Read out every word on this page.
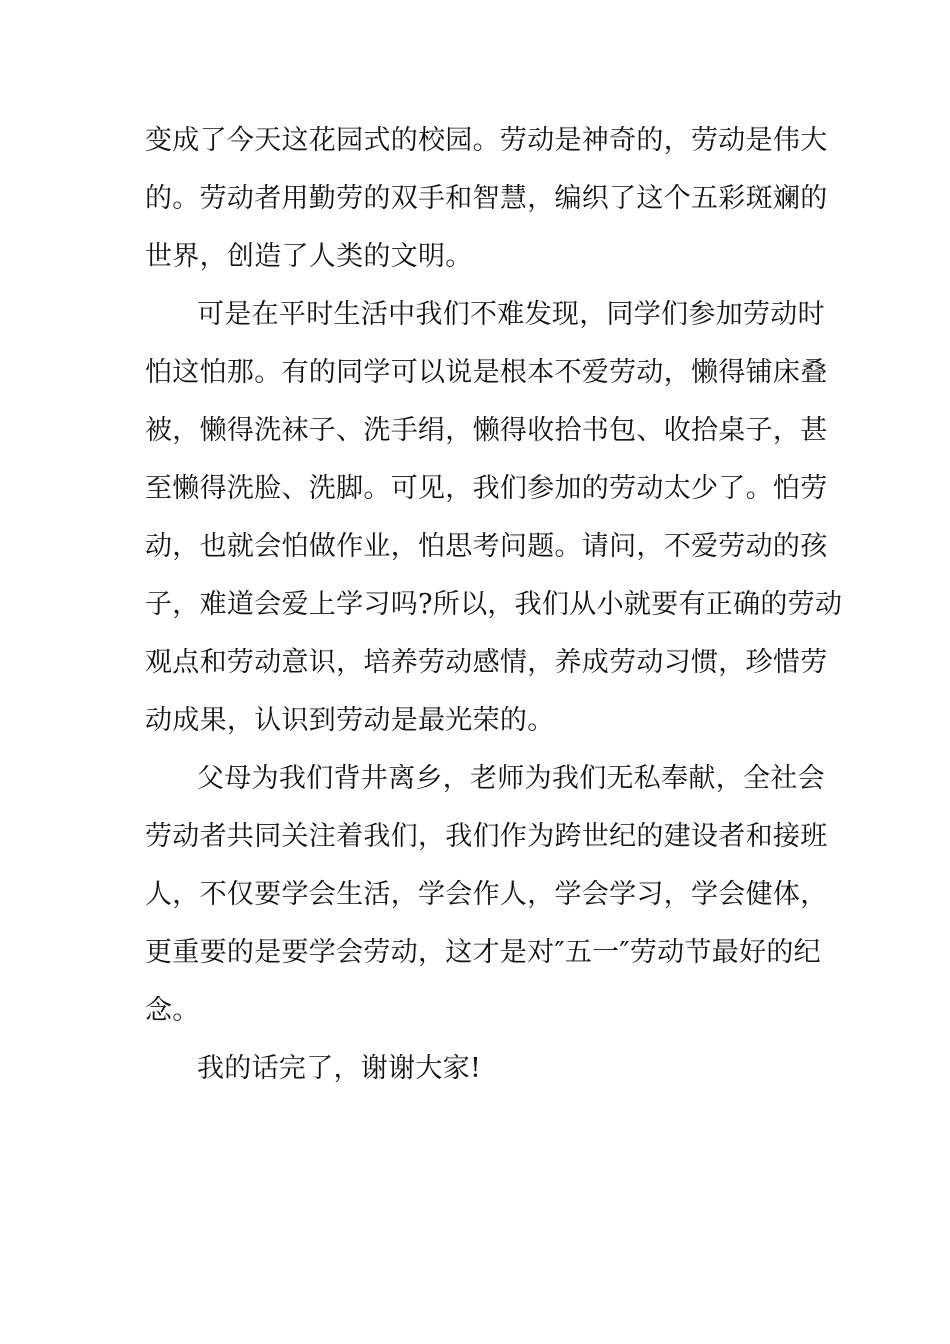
变成了今天这花园式的校园。劳动是神奇的，劳动是伟大
的。劳动者用勤劳的双手和智慧，编织了这个五彩斑斓的
世界，创造了人类的文明。
可是在平时生活中我们不难发现，同学们参加劳动时
怕这怕那。有的同学可以说是根本不爱劳动，懒得铺床叠
被，懒得洗袜子、洗手绢，懒得收拾书包、收拾桌子，甚
至懒得洗脸、洗脚。可见，我们参加的劳动太少了。怕劳
动，也就会怕做作业，怕思考问题。请问，不爱劳动的孩
子，难道会爱上学习吗?所以，我们从小就要有正确的劳动
观点和劳动意识，培养劳动感情，养成劳动习惯，珍惜劳
动成果，认识到劳动是最光荣的。
父母为我们背井离乡，老师为我们无私奉献，全社会
劳动者共同关注着我们，我们作为跨世纪的建设者和接班
人，不仅要学会生活，学会作人，学会学习，学会健体，
更重要的是要学会劳动，这才是对″五一″劳动节最好的纪
念。
我的话完了，谢谢大家!
